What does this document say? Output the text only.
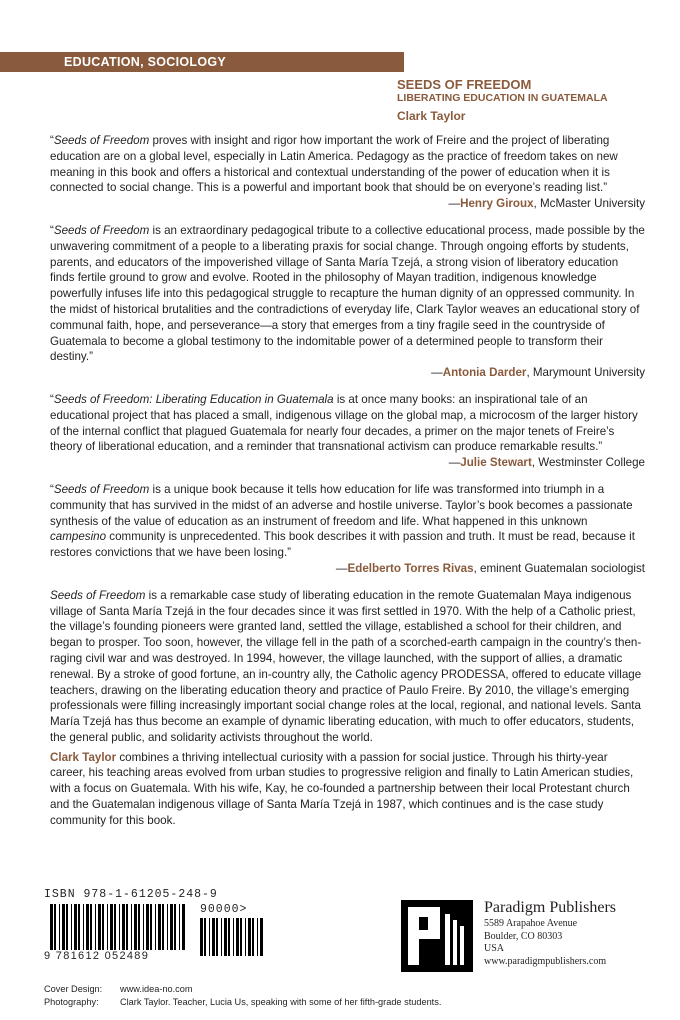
EDUCATION, SOCIOLOGY
SEEDS OF FREEDOM
LIBERATING EDUCATION IN GUATEMALA
Clark Taylor

“Seeds of Freedom proves with insight and rigor how important the work of Freire and the project of liberating education are on a global level, especially in Latin America. Pedagogy as the practice of freedom takes on new meaning in this book and offers a historical and contextual understanding of the power of education when it is connected to social change. This is a powerful and important book that should be on everyone’s reading list.”

—Henry Giroux, McMaster University

“Seeds of Freedom is an extraordinary pedagogical tribute to a collective educational process, made possible by the unwavering commitment of a people to a liberating praxis for social change. Through ongoing efforts by students, parents, and educators of the impoverished village of Santa María Tzejá, a strong vision of liberatory education finds fertile ground to grow and evolve. Rooted in the philosophy of Mayan tradition, indigenous knowledge powerfully infuses life into this pedagogical struggle to recapture the human dignity of an oppressed community. In the midst of historical brutalities and the contradictions of everyday life, Clark Taylor weaves an educational story of communal faith, hope, and perseverance—a story that emerges from a tiny fragile seed in the countryside of Guatemala to become a global testimony to the indomitable power of a determined people to transform their destiny.”

—Antonia Darder, Marymount University

“Seeds of Freedom: Liberating Education in Guatemala is at once many books: an inspirational tale of an educational project that has placed a small, indigenous village on the global map, a microcosm of the larger history of the internal conflict that plagued Guatemala for nearly four decades, a primer on the major tenets of Freire’s theory of liberational education, and a reminder that transnational activism can produce remarkable results.”

—Julie Stewart, Westminster College

“Seeds of Freedom is a unique book because it tells how education for life was transformed into triumph in a community that has survived in the midst of an adverse and hostile universe. Taylor’s book becomes a passionate synthesis of the value of education as an instrument of freedom and life. What happened in this unknown campesino community is unprecedented. This book describes it with passion and truth. It must be read, because it restores convictions that we have been losing.”

—Edelberto Torres Rivas, eminent Guatemalan sociologist

Seeds of Freedom is a remarkable case study of liberating education in the remote Guatemalan Maya indigenous village of Santa María Tzejá in the four decades since it was first settled in 1970. With the help of a Catholic priest, the village’s founding pioneers were granted land, settled the village, established a school for their children, and began to prosper. Too soon, however, the village fell in the path of a scorched-earth campaign in the country’s then-raging civil war and was destroyed. In 1994, however, the village launched, with the support of allies, a dramatic renewal. By a stroke of good fortune, an in-country ally, the Catholic agency PRODESSA, offered to educate village teachers, drawing on the liberating education theory and practice of Paulo Freire. By 2010, the village’s emerging professionals were filling increasingly important social change roles at the local, regional, and national levels. Santa María Tzejá has thus become an example of dynamic liberating education, with much to offer educators, students, the general public, and solidarity activists throughout the world.

Clark Taylor combines a thriving intellectual curiosity with a passion for social justice. Through his thirty-year career, his teaching areas evolved from urban studies to progressive religion and finally to Latin American studies, with a focus on Guatemala. With his wife, Kay, he co-founded a partnership between their local Protestant church and the Guatemalan indigenous village of Santa María Tzejá in 1987, which continues and is the case study community for this book.

ISBN 978-1-61205-248-9
90000>
9 781612 052489
Paradigm Publishers
5589 Arapahoe Avenue
Boulder, CO 80303
USA
www.paradigmpublishers.com
Cover Design: www.idea-no.com
Photography: Clark Taylor. Teacher, Lucia Us, speaking with some of her fifth-grade students.
